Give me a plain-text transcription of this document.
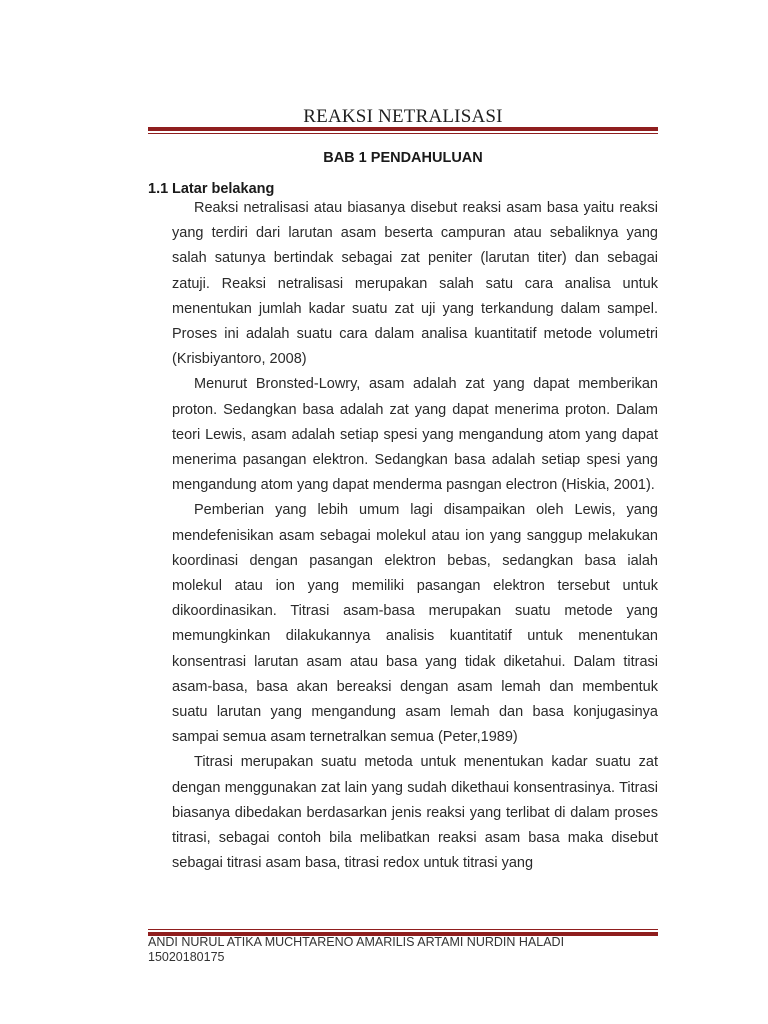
REAKSI NETRALISASI
BAB 1 PENDAHULUAN
1.1 Latar belakang

Reaksi netralisasi atau biasanya disebut reaksi asam basa yaitu reaksi yang terdiri dari larutan asam beserta campuran atau sebaliknya yang salah satunya bertindak sebagai zat peniter (larutan titer) dan sebagai zatuji. Reaksi netralisasi merupakan salah satu cara analisa untuk menentukan jumlah kadar suatu zat uji yang terkandung dalam sampel. Proses ini adalah suatu cara dalam analisa kuantitatif metode volumetri (Krisbiyantoro, 2008)

Menurut Bronsted-Lowry, asam adalah zat yang dapat memberikan proton. Sedangkan basa adalah zat yang dapat menerima proton. Dalam teori Lewis, asam adalah setiap spesi yang mengandung atom yang dapat menerima pasangan elektron. Sedangkan basa adalah setiap spesi yang mengandung atom yang dapat menderma pasngan electron (Hiskia, 2001).

Pemberian yang lebih umum lagi disampaikan oleh Lewis, yang mendefenisikan asam sebagai molekul atau ion yang sanggup melakukan koordinasi dengan pasangan elektron bebas, sedangkan basa ialah molekul atau ion yang memiliki pasangan elektron tersebut untuk dikoordinasikan. Titrasi asam-basa merupakan suatu metode yang memungkinkan dilakukannya analisis kuantitatif untuk menentukan konsentrasi larutan asam atau basa yang tidak diketahui. Dalam titrasi asam-basa, basa akan bereaksi dengan asam lemah dan membentuk suatu larutan yang mengandung asam lemah dan basa konjugasinya sampai semua asam ternetralkan semua (Peter,1989)

Titrasi merupakan suatu metoda untuk menentukan kadar suatu zat dengan menggunakan zat lain yang sudah dikethaui konsentrasinya. Titrasi biasanya dibedakan berdasarkan jenis reaksi yang terlibat di dalam proses titrasi, sebagai contoh bila melibatkan reaksi asam basa maka disebut sebagai titrasi asam basa, titrasi redox untuk titrasi yang

ANDI NURUL ATIKA MUCHTARENO AMARILIS ARTAMI NURDIN HALADI
15020180175
